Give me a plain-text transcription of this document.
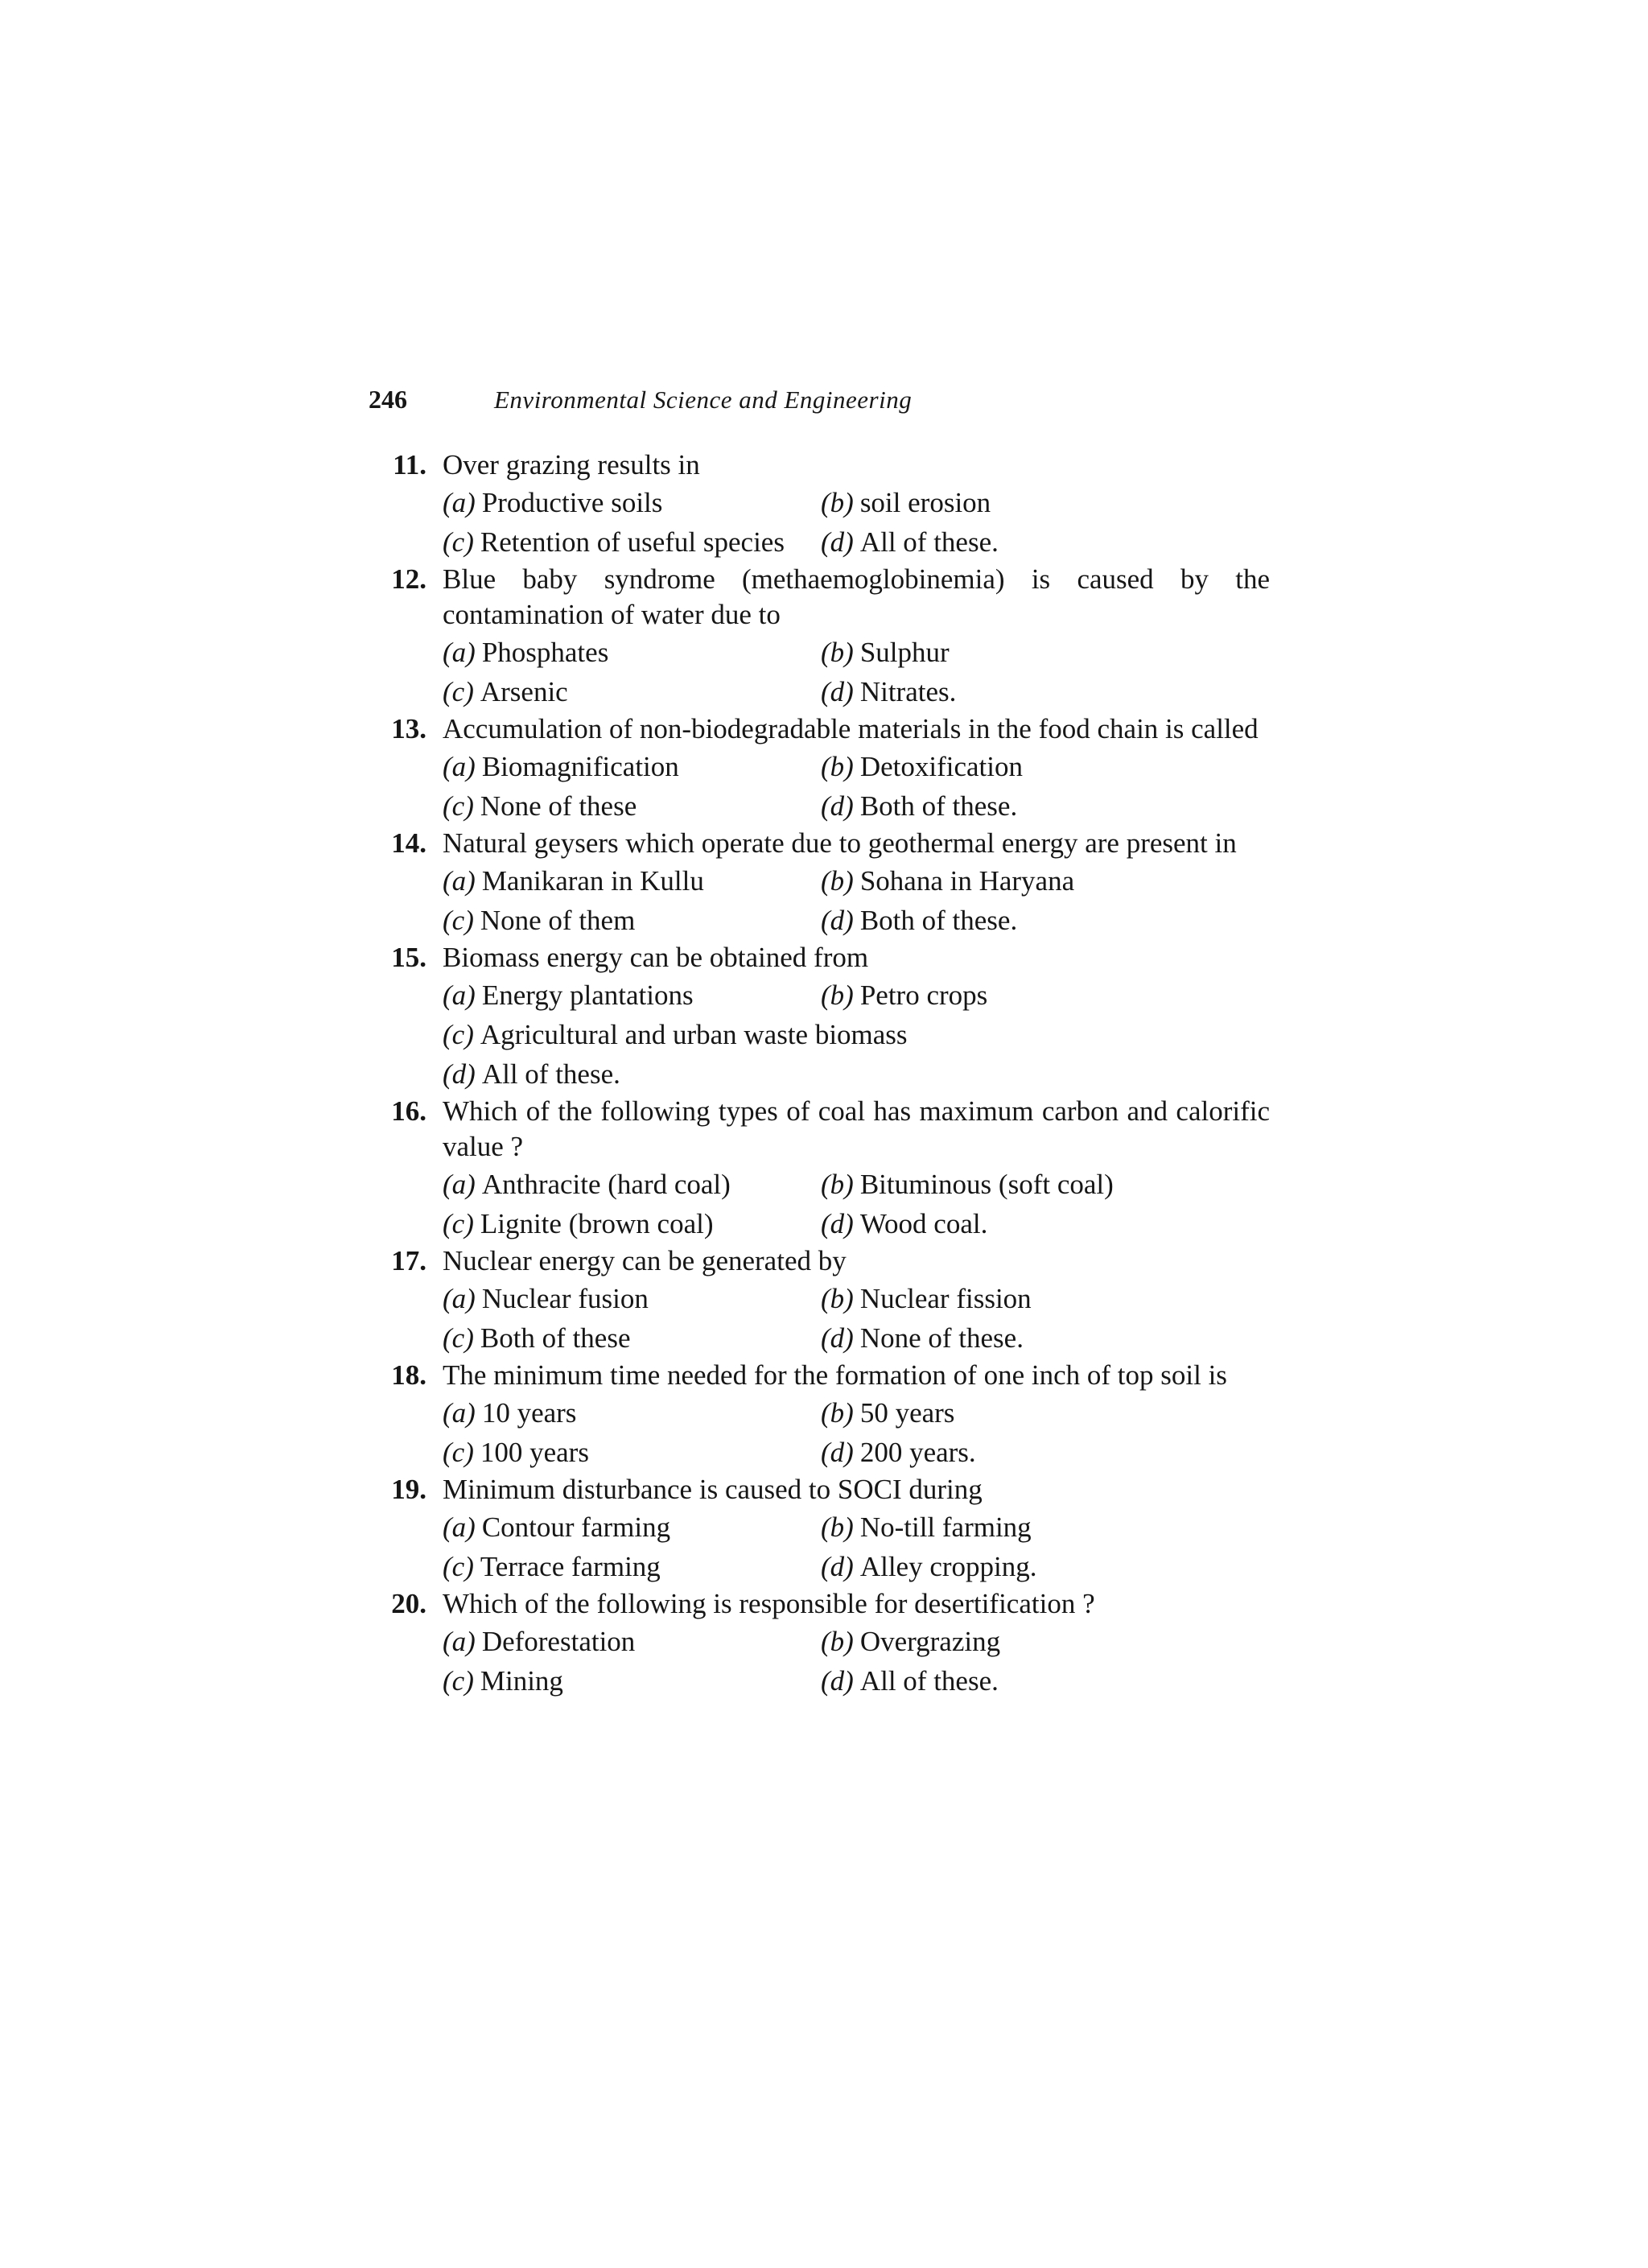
246	Environmental Science and Engineering
11. Over grazing results in
(a) Productive soils	(b) soil erosion
(c) Retention of useful species (d) All of these.
12. Blue baby syndrome (methaemoglobinemia) is caused by the contamination of water due to
(a) Phosphates	(b) Sulphur
(c) Arsenic	(d) Nitrates.
13. Accumulation of non-biodegradable materials in the food chain is called
(a) Biomagnification	(b) Detoxification
(c) None of these	(d) Both of these.
14. Natural geysers which operate due to geothermal energy are present in
(a) Manikaran in Kullu	(b) Sohana in Haryana
(c) None of them	(d) Both of these.
15. Biomass energy can be obtained from
(a) Energy plantations	(b) Petro crops
(c) Agricultural and urban waste biomass
(d) All of these.
16. Which of the following types of coal has maximum carbon and calorific value ?
(a) Anthracite (hard coal)	(b) Bituminous (soft coal)
(c) Lignite (brown coal)	(d) Wood coal.
17. Nuclear energy can be generated by
(a) Nuclear fusion	(b) Nuclear fission
(c) Both of these	(d) None of these.
18. The minimum time needed for the formation of one inch of top soil is
(a) 10 years	(b) 50 years
(c) 100 years	(d) 200 years.
19. Minimum disturbance is caused to SOCI during
(a) Contour farming	(b) No-till farming
(c) Terrace farming	(d) Alley cropping.
20. Which of the following is responsible for desertification ?
(a) Deforestation	(b) Overgrazing
(c) Mining	(d) All of these.
